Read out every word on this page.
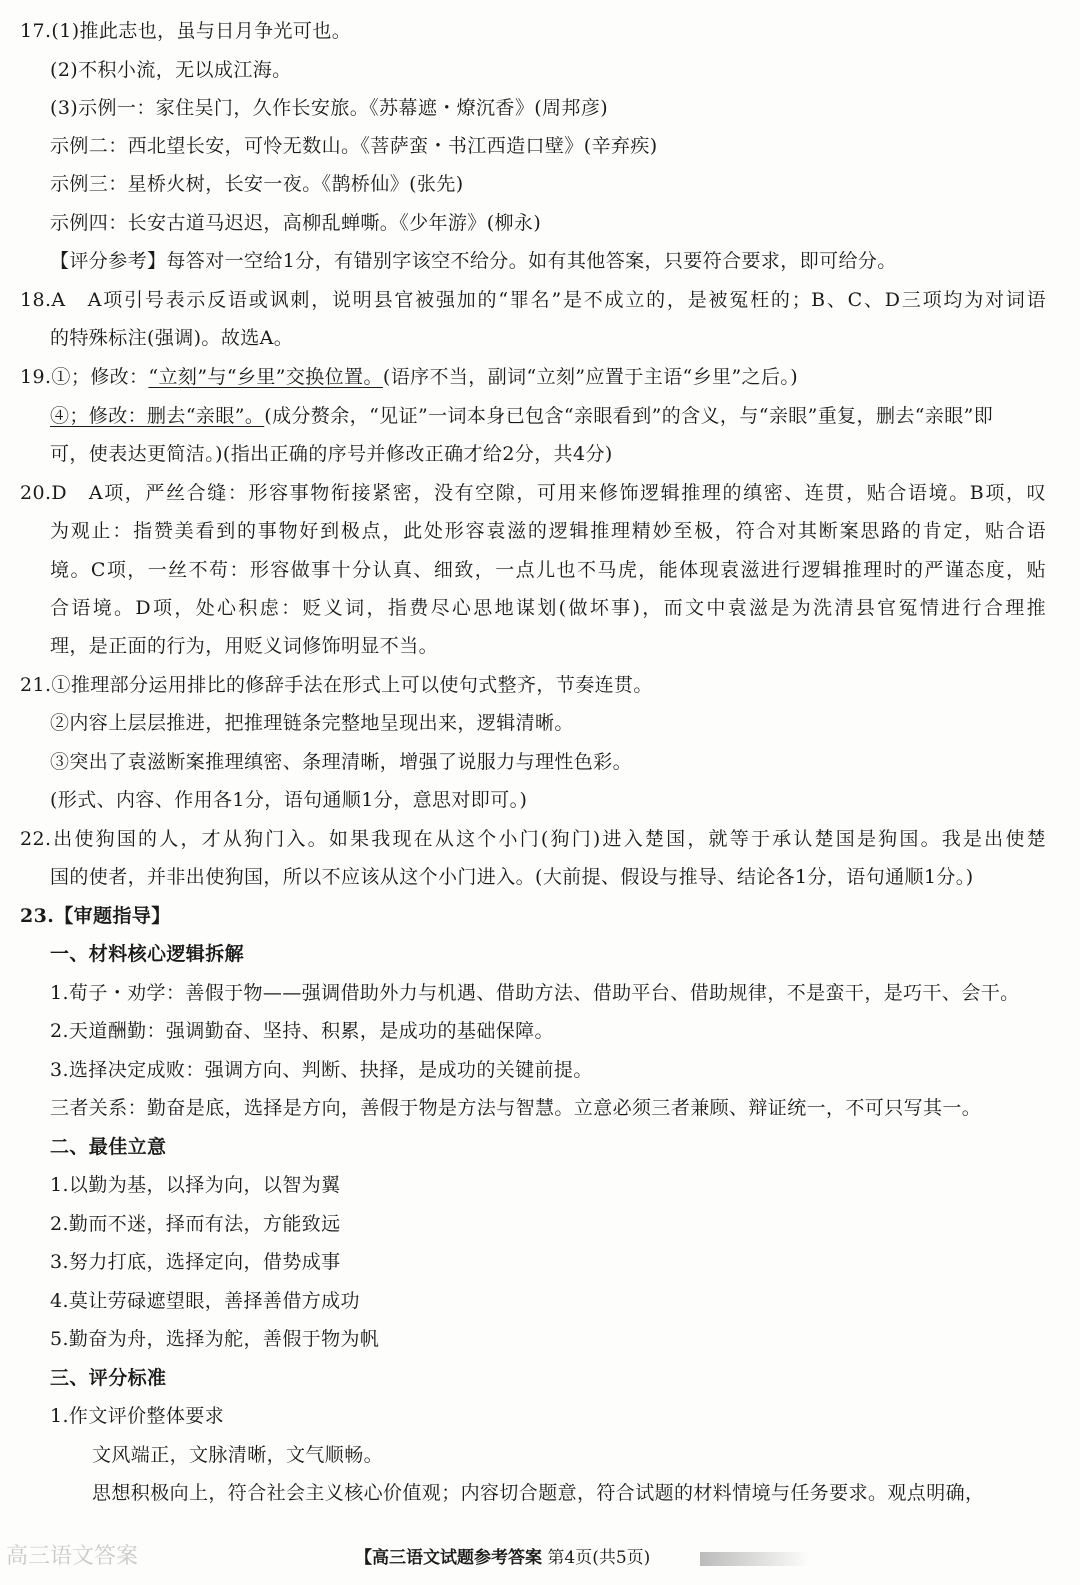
17.(1)推此志也，虽与日月争光可也。
(2)不积小流，无以成江海。
(3)示例一：家住吴门，久作长安旅。《苏幕遮・燎沉香》(周邦彦)
示例二：西北望长安，可怜无数山。《菩萨蛮・书江西造口壁》(辛弃疾)
示例三：星桥火树，长安一夜。《鹊桥仙》(张先)
示例四：长安古道马迟迟，高柳乱蝉嘶。《少年游》(柳永)
【评分参考】每答对一空给1分，有错别字该空不给分。如有其他答案，只要符合要求，即可给分。
18.A　A项引号表示反语或讽刺，说明县官被强加的“罪名”是不成立的，是被冤枉的；B、C、D三项均为对词语
的特殊标注(强调)。故选A。
19.①；修改：“立刻”与“乡里”交换位置。(语序不当，副词“立刻”应置于主语“乡里”之后。)
④；修改：删去“亲眼”。(成分赘余，“见证”一词本身已包含“亲眼看到”的含义，与“亲眼”重复，删去“亲眼”即
可，使表达更简洁。)(指出正确的序号并修改正确才给2分，共4分)
20.D　A项，严丝合缝：形容事物衔接紧密，没有空隙，可用来修饰逻辑推理的缜密、连贯，贴合语境。B项，叹
为观止：指赞美看到的事物好到极点，此处形容袁滋的逻辑推理精妙至极，符合对其断案思路的肯定，贴合语
境。C项，一丝不苟：形容做事十分认真、细致，一点儿也不马虎，能体现袁滋进行逻辑推理时的严谨态度，贴
合语境。D项，处心积虑：贬义词，指费尽心思地谋划(做坏事)，而文中袁滋是为洗清县官冤情进行合理推
理，是正面的行为，用贬义词修饰明显不当。
21.①推理部分运用排比的修辞手法在形式上可以使句式整齐，节奏连贯。
②内容上层层推进，把推理链条完整地呈现出来，逻辑清晰。
③突出了袁滋断案推理缜密、条理清晰，增强了说服力与理性色彩。
(形式、内容、作用各1分，语句通顺1分，意思对即可。)
22.出使狗国的人，才从狗门入。如果我现在从这个小门(狗门)进入楚国，就等于承认楚国是狗国。我是出使楚
国的使者，并非出使狗国，所以不应该从这个小门进入。(大前提、假设与推导、结论各1分，语句通顺1分。)
23.【审题指导】
一、材料核心逻辑拆解
1.荀子・劝学：善假于物——强调借助外力与机遇、借助方法、借助平台、借助规律，不是蛮干，是巧干、会干。
2.天道酬勤：强调勤奋、坚持、积累，是成功的基础保障。
3.选择决定成败：强调方向、判断、抉择，是成功的关键前提。
三者关系：勤奋是底，选择是方向，善假于物是方法与智慧。立意必须三者兼顾、辩证统一，不可只写其一。
二、最佳立意
1.以勤为基，以择为向，以智为翼
2.勤而不迷，择而有法，方能致远
3.努力打底，选择定向，借势成事
4.莫让劳碌遮望眼，善择善借方成功
5.勤奋为舟，选择为舵，善假于物为帆
三、评分标准
1.作文评价整体要求
文风端正，文脉清晰，文气顺畅。
思想积极向上，符合社会主义核心价值观；内容切合题意，符合试题的材料情境与任务要求。观点明确，
【高三语文试题参考答案 第4页(共5页)
高三语文答案
